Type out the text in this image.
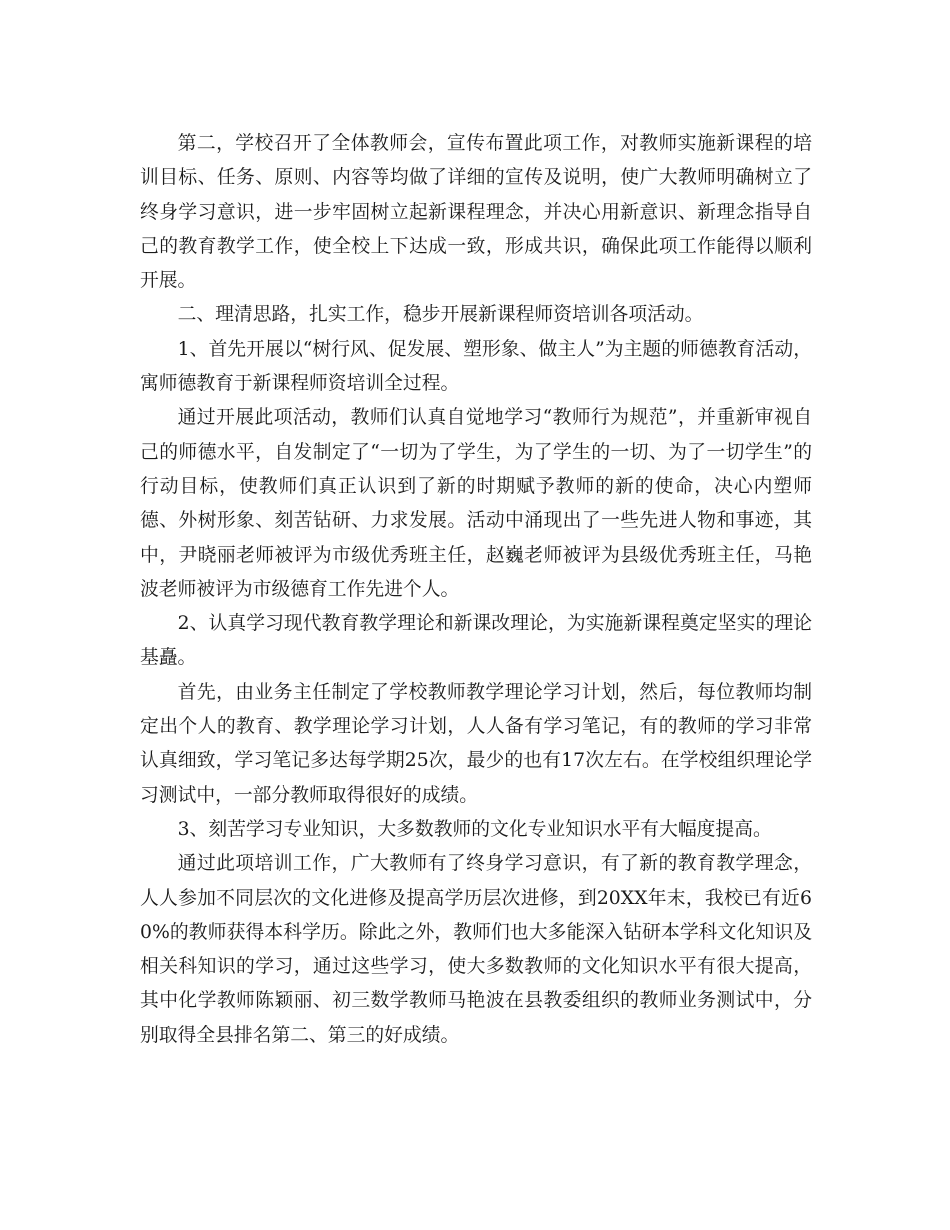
第二，学校召开了全体教师会，宣传布置此项工作，对教师实施新课程的培训目标、任务、原则、内容等均做了详细的宣传及说明，使广大教师明确树立了终身学习意识，进一步牢固树立起新课程理念，并决心用新意识、新理念指导自己的教育教学工作，使全校上下达成一致，形成共识，确保此项工作能得以顺利开展。

二、理清思路，扎实工作，稳步开展新课程师资培训各项活动。

1、首先开展以“树行风、促发展、塑形象、做主人”为主题的师德教育活动，寓师德教育于新课程师资培训全过程。

通过开展此项活动，教师们认真自觉地学习“教师行为规范”，并重新审视自己的师德水平，自发制定了“一切为了学生，为了学生的一切、为了一切学生”的行动目标，使教师们真正认识到了新的时期赋予教师的新的使命，决心内塑师德、外树形象、刻苦钻研、力求发展。活动中涌现出了一些先进人物和事迹，其中，尹晓丽老师被评为市级优秀班主任，赵巍老师被评为县级优秀班主任，马艳波老师被评为市级德育工作先进个人。

2、认真学习现代教育教学理论和新课改理论，为实施新课程奠定坚实的理论基矗。

首先，由业务主任制定了学校教师教学理论学习计划，然后，每位教师均制定出个人的教育、教学理论学习计划，人人备有学习笔记，有的教师的学习非常认真细致，学习笔记多达每学期25次，最少的也有17次左右。在学校组织理论学习测试中，一部分教师取得很好的成绩。

3、刻苦学习专业知识，大多数教师的文化专业知识水平有大幅度提高。

通过此项培训工作，广大教师有了终身学习意识，有了新的教育教学理念，人人参加不同层次的文化进修及提高学历层次进修，到20XX年末，我校已有近60%的教师获得本科学历。除此之外，教师们也大多能深入钻研本学科文化知识及相关科知识的学习，通过这些学习，使大多数教师的文化知识水平有很大提高，其中化学教师陈颖丽、初三数学教师马艳波在县教委组织的教师业务测试中，分别取得全县排名第二、第三的好成绩。
